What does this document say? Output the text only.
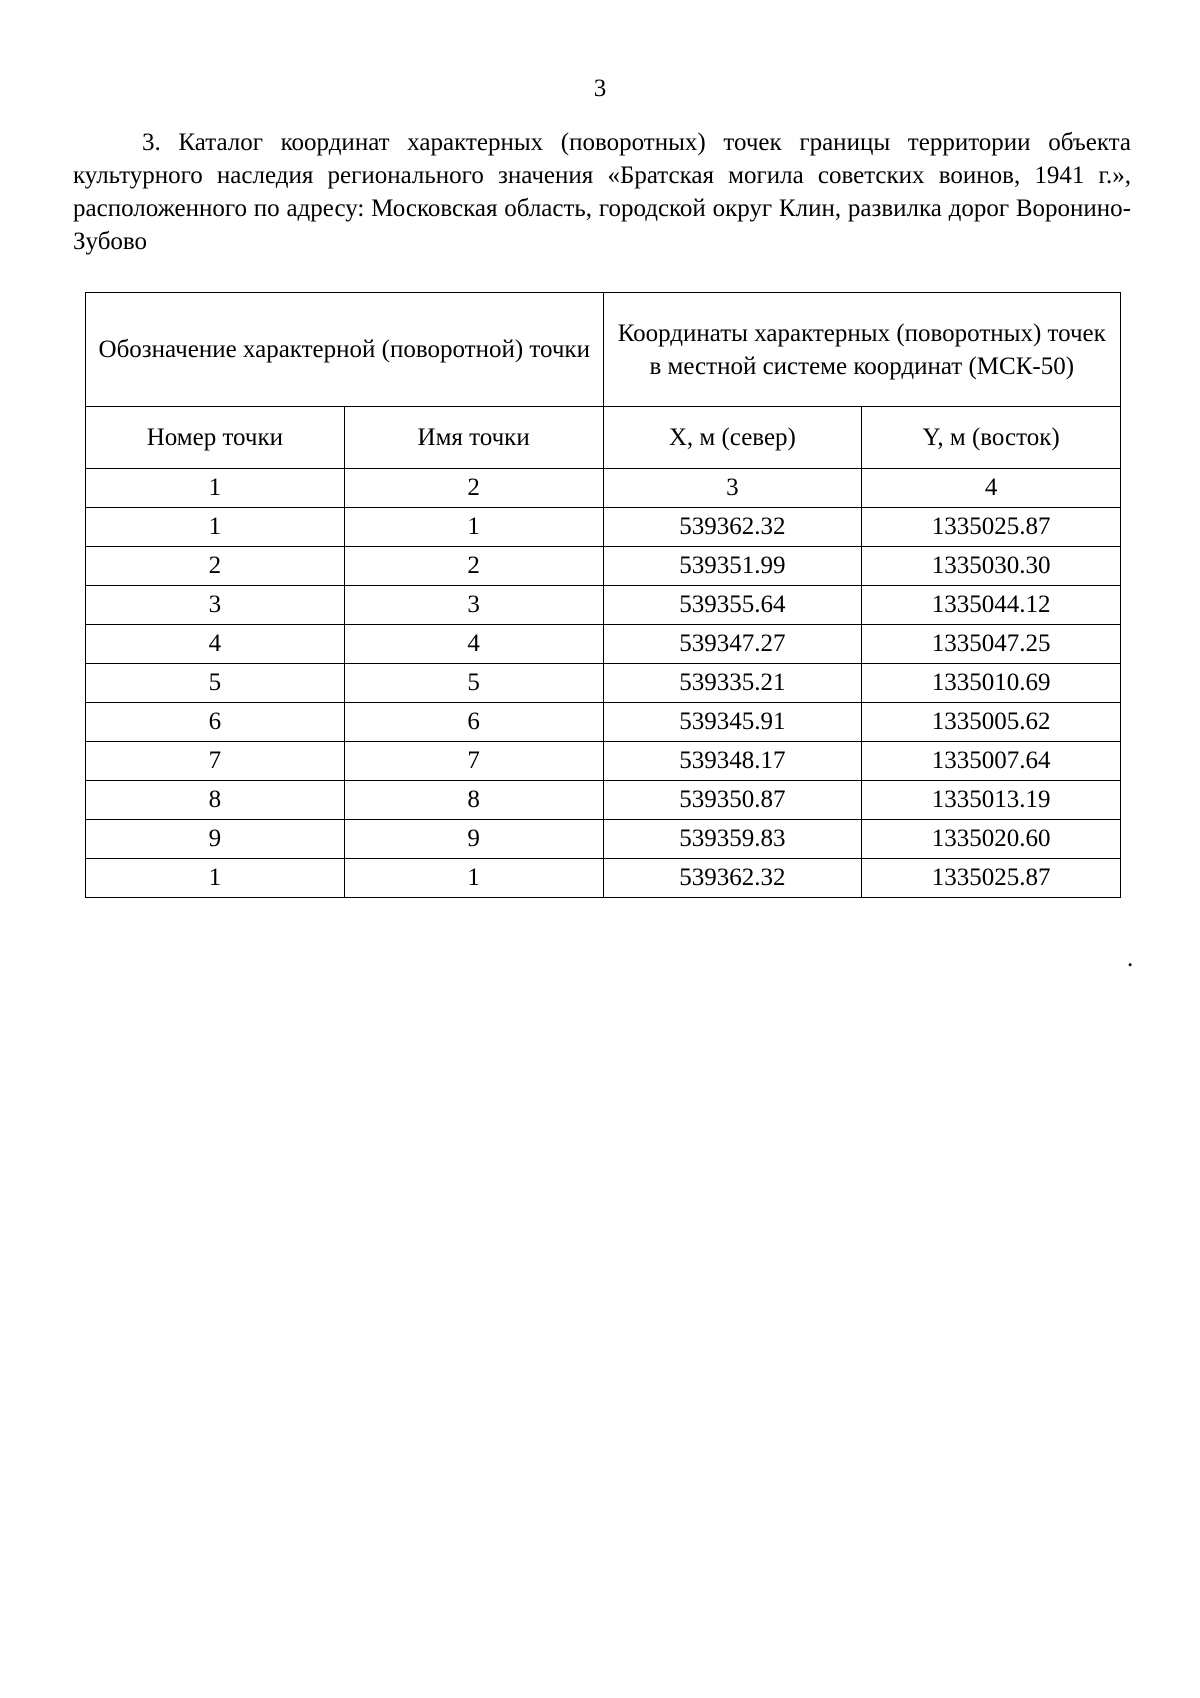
3

3. Каталог координат характерных (поворотных) точек границы территории объекта культурного наследия регионального значения «Братская могила советских воинов, 1941 г.», расположенного по адресу: Московская область, городской округ Клин, развилка дорог Воронино-Зубово

Обозначение характерной (поворотной) точки		Координаты характерных (поворотных) точек в местной системе координат (МСК-50)	
Номер точки	Имя точки	X, м (север)	Y, м (восток)
1	2	3	4
1	1	539362.32	1335025.87
2	2	539351.99	1335030.30
3	3	539355.64	1335044.12
4	4	539347.27	1335047.25
5	5	539335.21	1335010.69
6	6	539345.91	1335005.62
7	7	539348.17	1335007.64
8	8	539350.87	1335013.19
9	9	539359.83	1335020.60
1	1	539362.32	1335025.87
.
